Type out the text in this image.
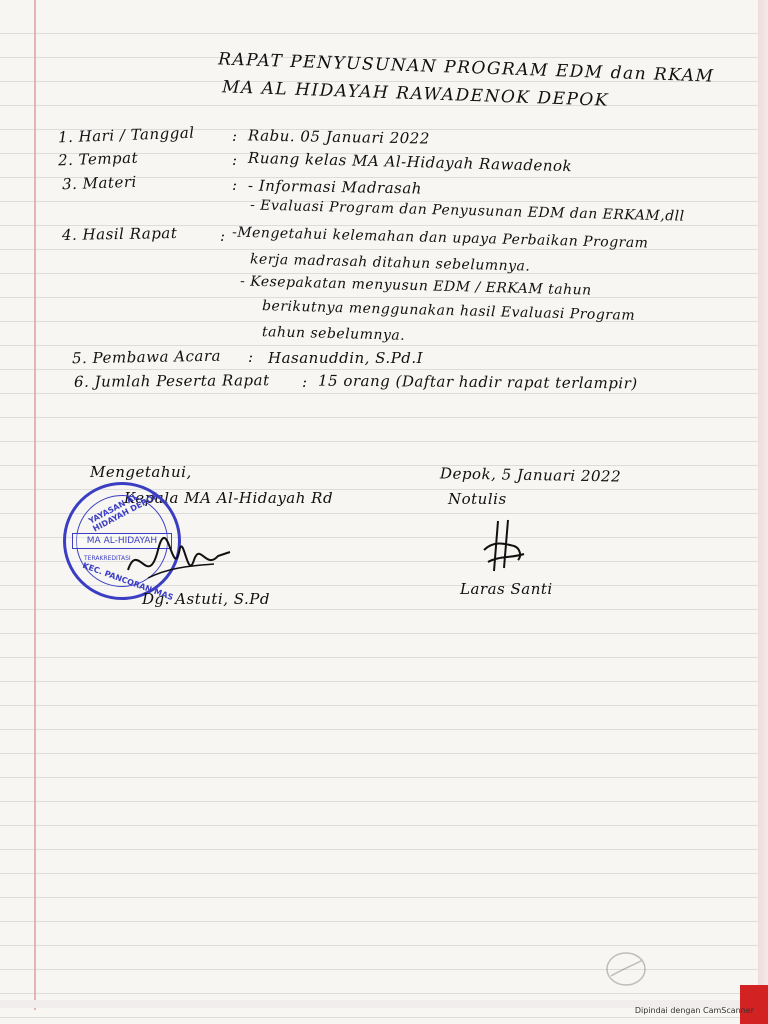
RAPAT PENYUSUNAN PROGRAM EDM dan RKAM
MA AL HIDAYAH RAWADENOK DEPOK
1. Hari / Tanggal : Rabu. 05 Januari 2022
2. Tempat	: Ruang kelas MA Al-Hidayah Rawadenok
3. Materi	: - Informasi Madrasah
- Evaluasi Program dan Penyusunan EDM dan ERKAM,dll
4. Hasil Rapat	: -Mengetahui kelemahan dan upaya Perbaikan Program
kerja madrasah ditahun sebelumnya.
- Kesepakatan menyusun EDM / ERKAM tahun
berikutnya menggunakan hasil Evaluasi Program
tahun sebelumnya.
5. Pembawa Acara : Hasanuddin, S.Pd.I
6. Jumlah Peserta Rapat : 15 orang (Daftar hadir rapat terlampir)
Mengetahui,
Kepala MA Al-Hidayah Rd
Depok, 5 Januari 2022
Notulis
YAYASAN AL HIDAYAH DEPOK
MA AL-HIDAYAH
TERAKREDITASI
KEC. PANCORAN MAS
Dg. Astuti, S.Pd
Laras Santi
Dipindai dengan CamScanner
